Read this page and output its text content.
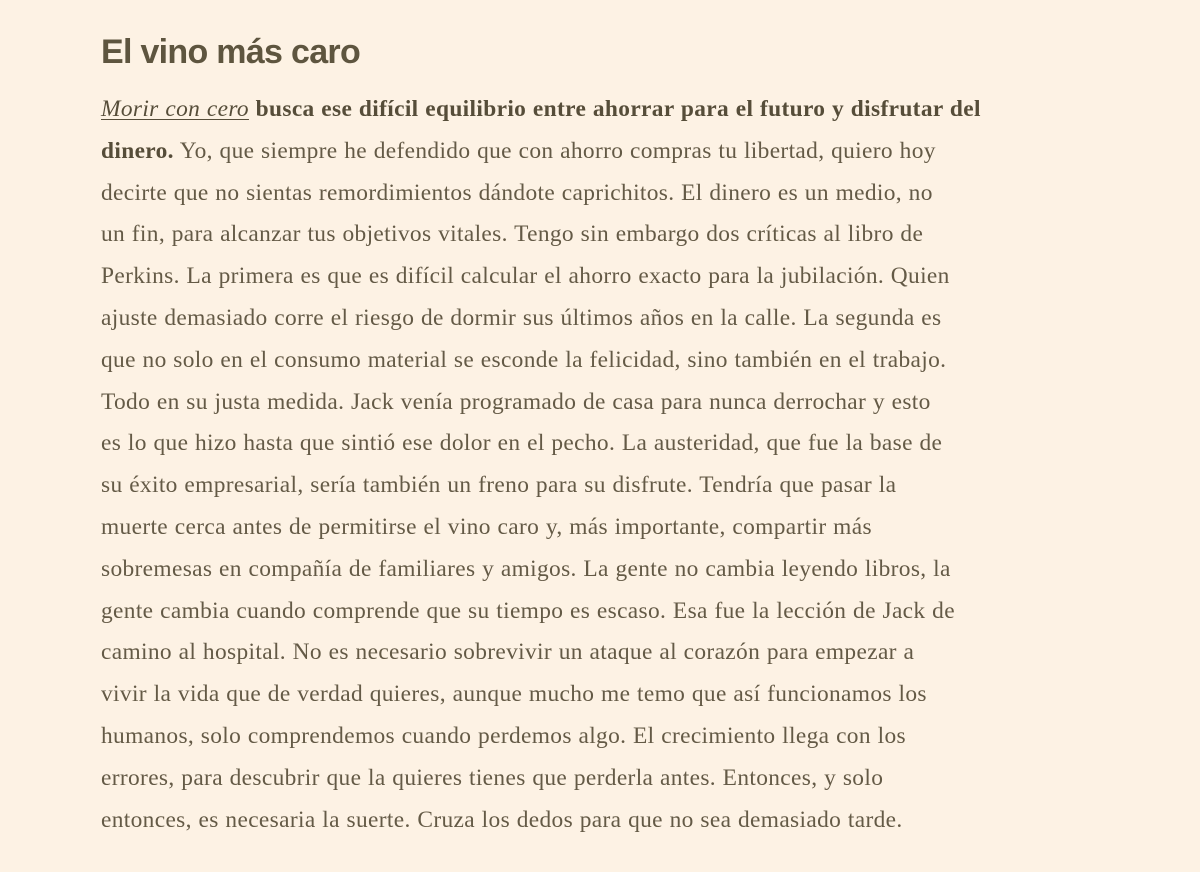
El vino más caro

Morir con cero busca ese difícil equilibrio entre ahorrar para el futuro y disfrutar del
dinero. Yo, que siempre he defendido que con ahorro compras tu libertad, quiero hoy
decirte que no sientas remordimientos dándote caprichitos. El dinero es un medio, no
un fin, para alcanzar tus objetivos vitales. Tengo sin embargo dos críticas al libro de
Perkins. La primera es que es difícil calcular el ahorro exacto para la jubilación. Quien
ajuste demasiado corre el riesgo de dormir sus últimos años en la calle. La segunda es
que no solo en el consumo material se esconde la felicidad, sino también en el trabajo.
Todo en su justa medida. Jack venía programado de casa para nunca derrochar y esto
es lo que hizo hasta que sintió ese dolor en el pecho. La austeridad, que fue la base de
su éxito empresarial, sería también un freno para su disfrute. Tendría que pasar la
muerte cerca antes de permitirse el vino caro y, más importante, compartir más
sobremesas en compañía de familiares y amigos. La gente no cambia leyendo libros, la
gente cambia cuando comprende que su tiempo es escaso. Esa fue la lección de Jack de
camino al hospital. No es necesario sobrevivir un ataque al corazón para empezar a
vivir la vida que de verdad quieres, aunque mucho me temo que así funcionamos los
humanos, solo comprendemos cuando perdemos algo. El crecimiento llega con los
errores, para descubrir que la quieres tienes que perderla antes. Entonces, y solo
entonces, es necesaria la suerte. Cruza los dedos para que no sea demasiado tarde.
